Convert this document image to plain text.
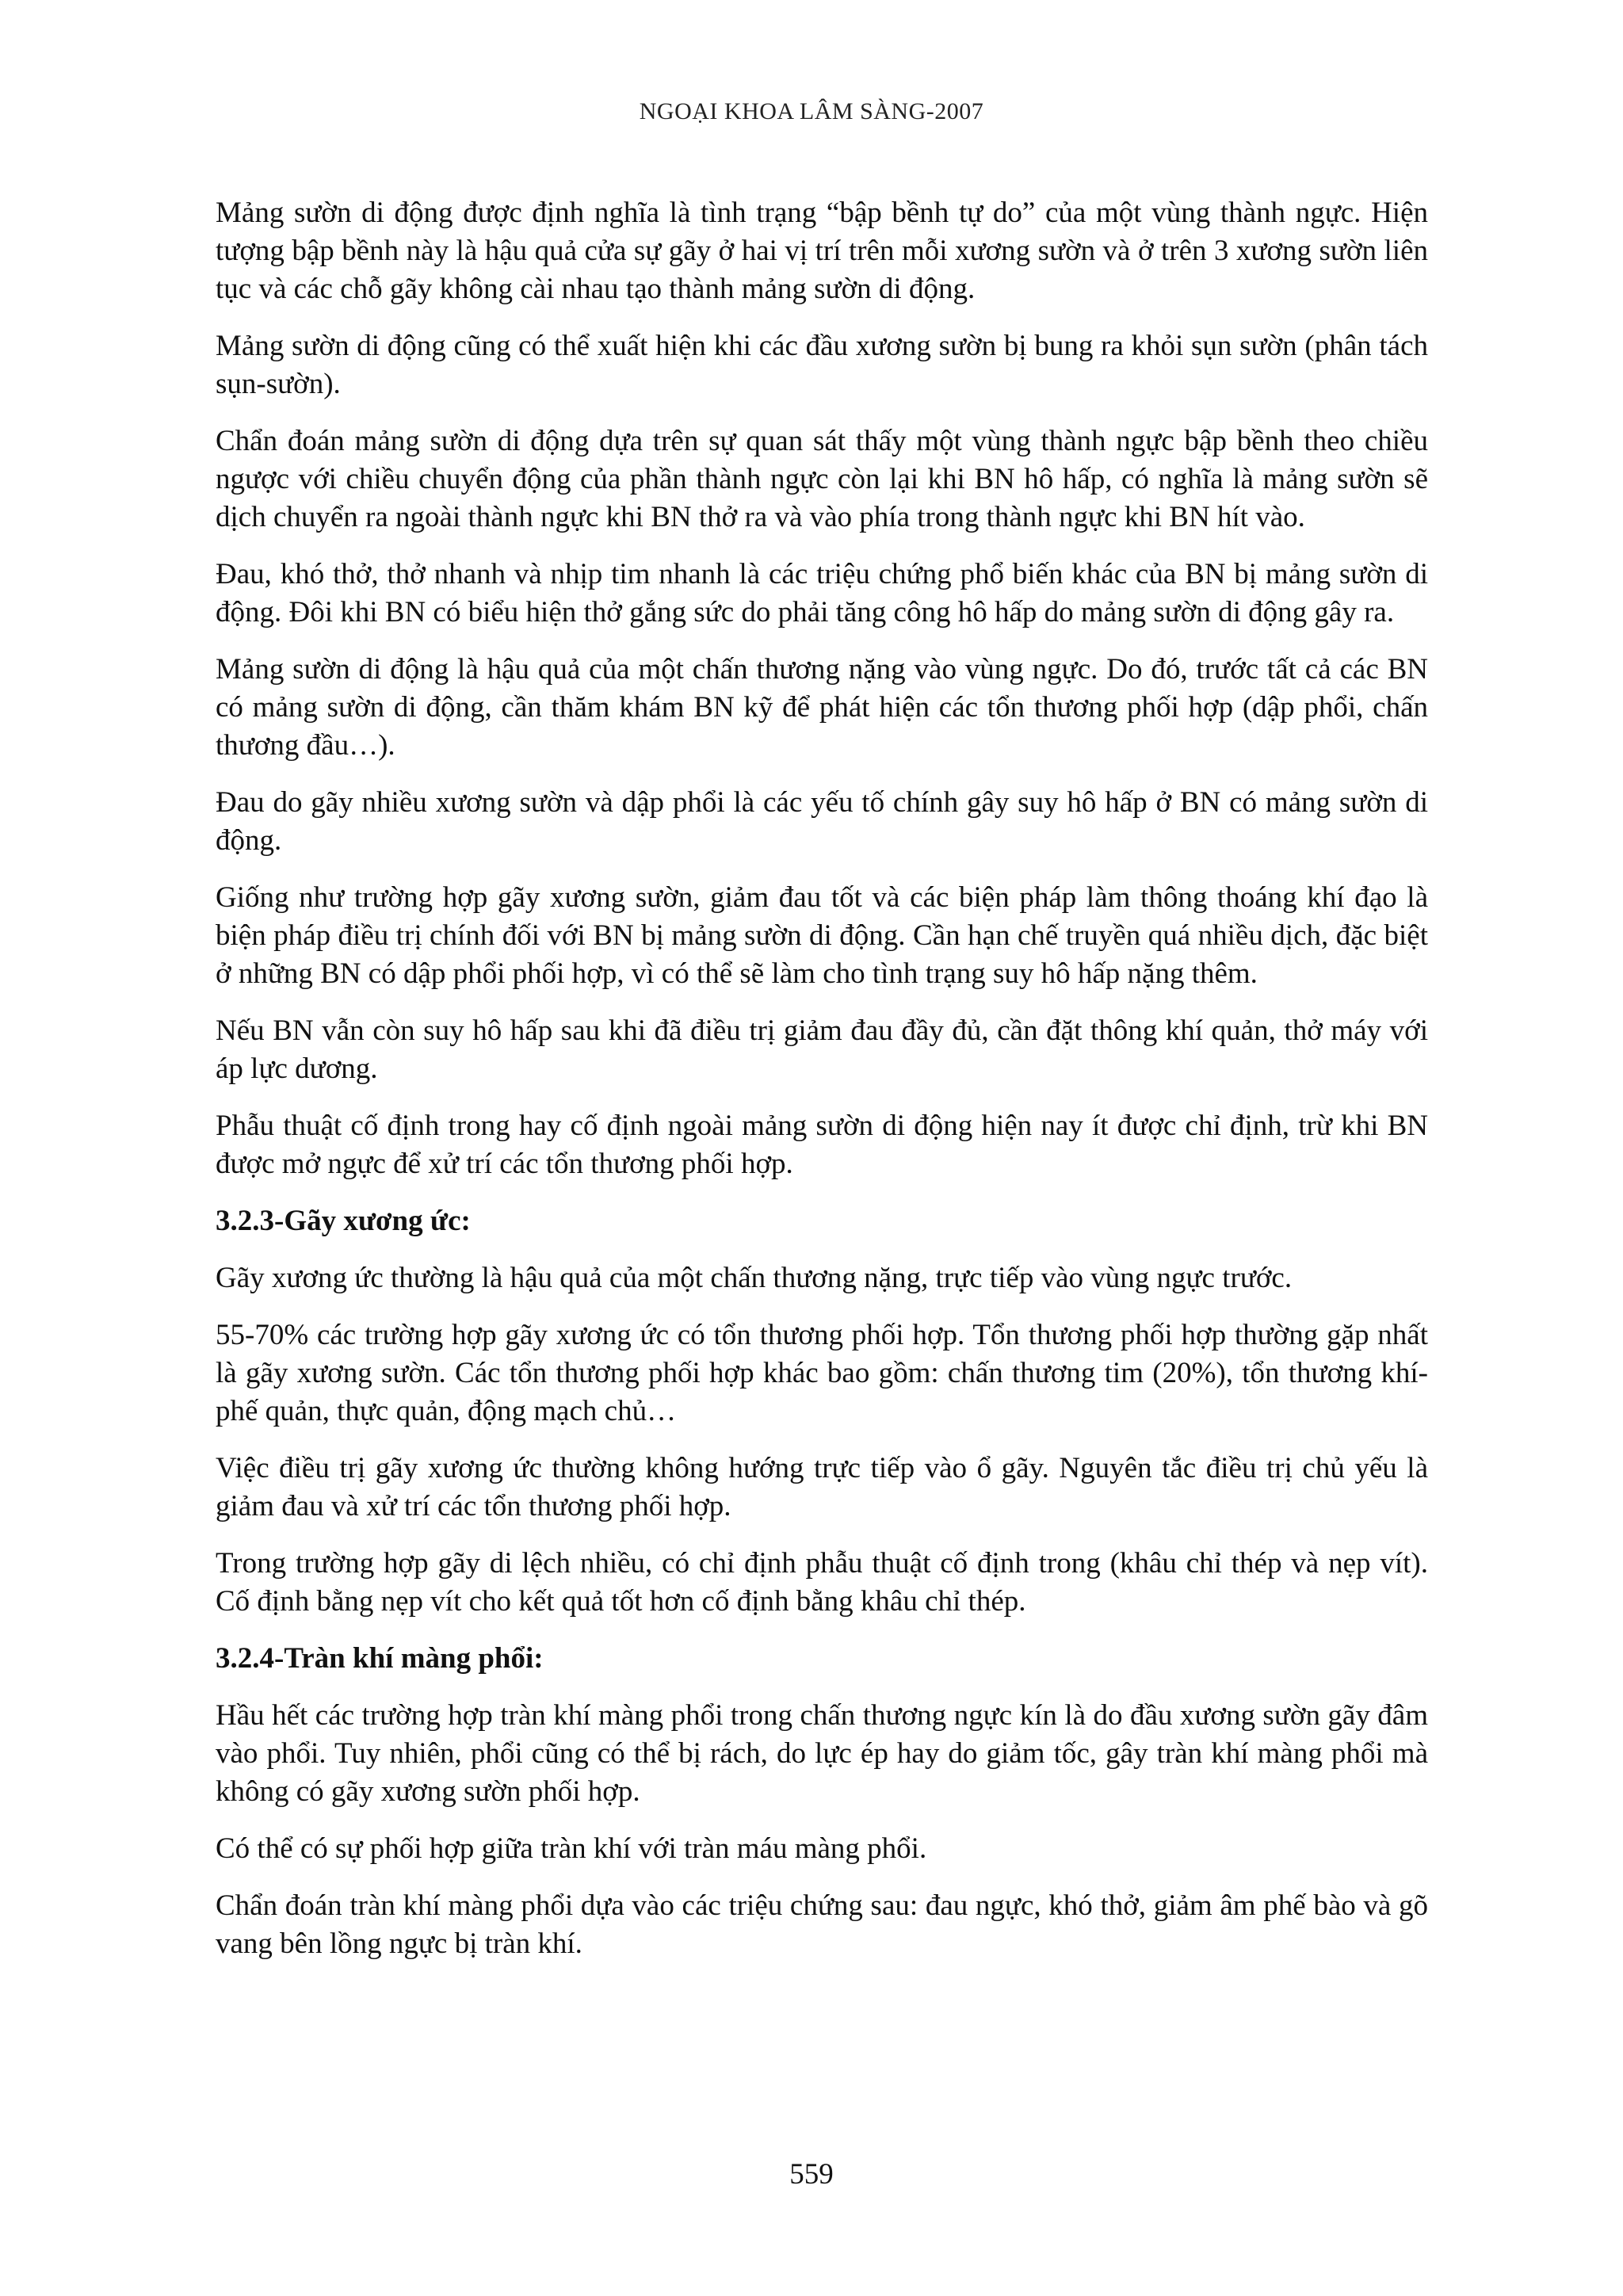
NGOẠI KHOA LÂM SÀNG-2007

Mảng sườn di động được định nghĩa là tình trạng “bập bềnh tự do” của một vùng thành ngực. Hiện tượng bập bềnh này là hậu quả cửa sự gãy ở hai vị trí trên mỗi xương sườn và ở trên 3 xương sườn liên tục và các chỗ gãy không cài nhau tạo thành mảng sườn di động.

Mảng sườn di động cũng có thể xuất hiện khi các đầu xương sườn bị bung ra khỏi sụn sườn (phân tách sụn-sườn).

Chẩn đoán mảng sườn di động dựa trên sự quan sát thấy một vùng thành ngực bập bềnh theo chiều ngược với chiều chuyển động của phần thành ngực còn lại khi BN hô hấp, có nghĩa là mảng sườn sẽ dịch chuyển ra ngoài thành ngực khi BN thở ra và vào phía trong thành ngực khi BN hít vào.

Đau, khó thở, thở nhanh và nhịp tim nhanh là các triệu chứng phổ biến khác của BN bị mảng sườn di động. Đôi khi BN có biểu hiện thở gắng sức do phải tăng công hô hấp do mảng sườn di động gây ra.

Mảng sườn di động là hậu quả của một chấn thương nặng vào vùng ngực. Do đó, trước tất cả các BN có mảng sườn di động, cần thăm khám BN kỹ để phát hiện các tổn thương phối hợp (dập phổi, chấn thương đầu…).

Đau do gãy nhiều xương sườn và dập phổi là các yếu tố chính gây suy hô hấp ở BN có mảng sườn di động.

Giống như trường hợp gãy xương sườn, giảm đau tốt và các biện pháp làm thông thoáng khí đạo là biện pháp điều trị chính đối với BN bị mảng sườn di động. Cần hạn chế truyền quá nhiều dịch, đặc biệt ở những BN có dập phổi phối hợp, vì có thể sẽ làm cho tình trạng suy hô hấp nặng thêm.

Nếu BN vẫn còn suy hô hấp sau khi đã điều trị giảm đau đầy đủ, cần đặt thông khí quản, thở máy với áp lực dương.

Phẫu thuật cố định trong hay cố định ngoài mảng sườn di động hiện nay ít được chỉ định, trừ khi BN được mở ngực để xử trí các tổn thương phối hợp.

3.2.3-Gãy xương ức:

Gãy xương ức thường là hậu quả của một chấn thương nặng, trực tiếp vào vùng ngực trước.

55-70% các trường hợp gãy xương ức có tổn thương phối hợp. Tổn thương phối hợp thường gặp nhất là gãy xương sườn. Các tổn thương phối hợp khác bao gồm: chấn thương tim (20%), tổn thương khí-phế quản, thực quản, động mạch chủ…

Việc điều trị gãy xương ức thường không hướng trực tiếp vào ổ gãy. Nguyên tắc điều trị chủ yếu là giảm đau và xử trí các tổn thương phối hợp.

Trong trường hợp gãy di lệch nhiều, có chỉ định phẫu thuật cố định trong (khâu chỉ thép và nẹp vít). Cố định bằng nẹp vít cho kết quả tốt hơn cố định bằng khâu chỉ thép.

3.2.4-Tràn khí màng phổi:

Hầu hết các trường hợp tràn khí màng phổi trong chấn thương ngực kín là do đầu xương sườn gãy đâm vào phổi. Tuy nhiên, phổi cũng có thể bị rách, do lực ép hay do giảm tốc, gây tràn khí màng phổi mà không có gãy xương sườn phối hợp.

Có thể có sự phối hợp giữa tràn khí với tràn máu màng phổi.

Chẩn đoán tràn khí màng phổi dựa vào các triệu chứng sau: đau ngực, khó thở, giảm âm phế bào và gõ vang bên lồng ngực bị tràn khí.

559
